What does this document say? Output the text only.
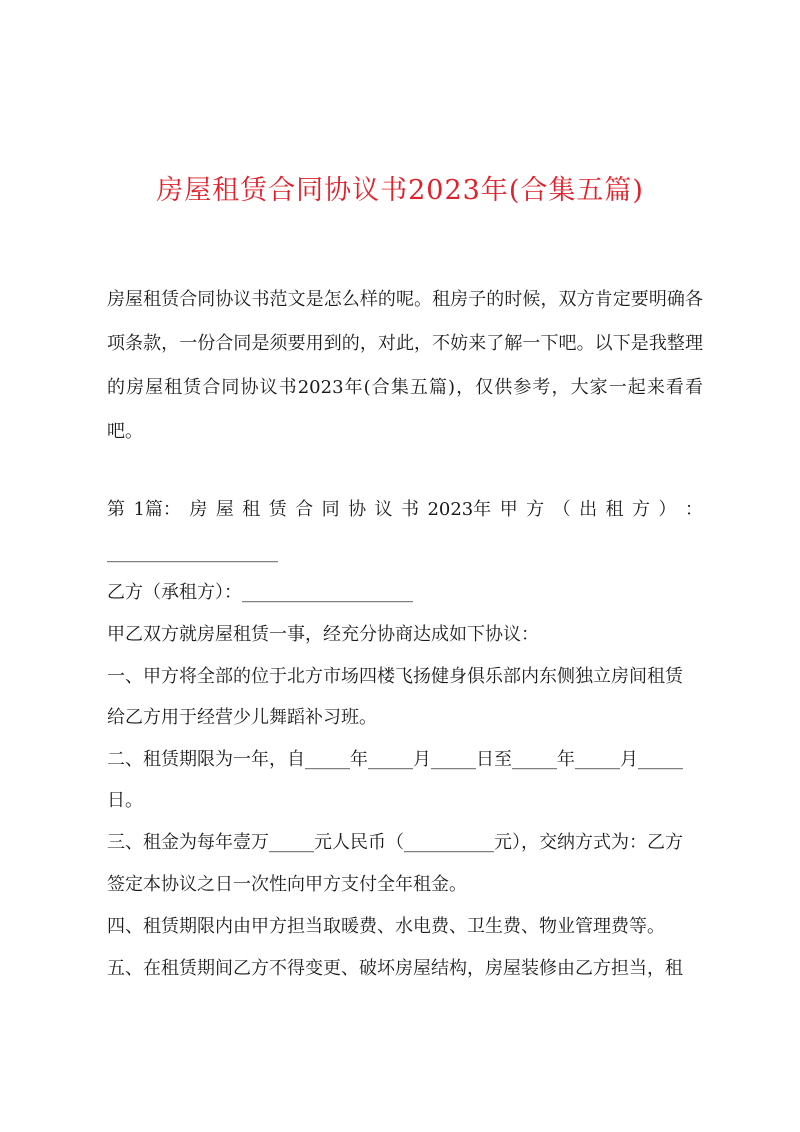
房屋租赁合同协议书2023年(合集五篇)

房屋租赁合同协议书范文是怎么样的呢。租房子的时候，双方肯定要明确各项条款，一份合同是须要用到的，对此，不妨来了解一下吧。以下是我整理的房屋租赁合同协议书2023年(合集五篇)，仅供参考，大家一起来看看吧。

第 1篇： 房 屋 租 赁 合 同 协 议 书 2023年 甲 方 （ 出 租 方 ） ：
___________________
乙方（承租方）：___________________
甲乙双方就房屋租赁一事，经充分协商达成如下协议：
一、甲方将全部的位于北方市场四楼飞扬健身俱乐部内东侧独立房间租赁
给乙方用于经营少儿舞蹈补习班。
二、租赁期限为一年，自_____年_____月_____日至_____年_____月_____
日。
三、租金为每年壹万_____元人民币（__________元），交纳方式为：乙方
签定本协议之日一次性向甲方支付全年租金。
四、租赁期限内由甲方担当取暖费、水电费、卫生费、物业管理费等。
五、在租赁期间乙方不得变更、破坏房屋结构，房屋装修由乙方担当，租
